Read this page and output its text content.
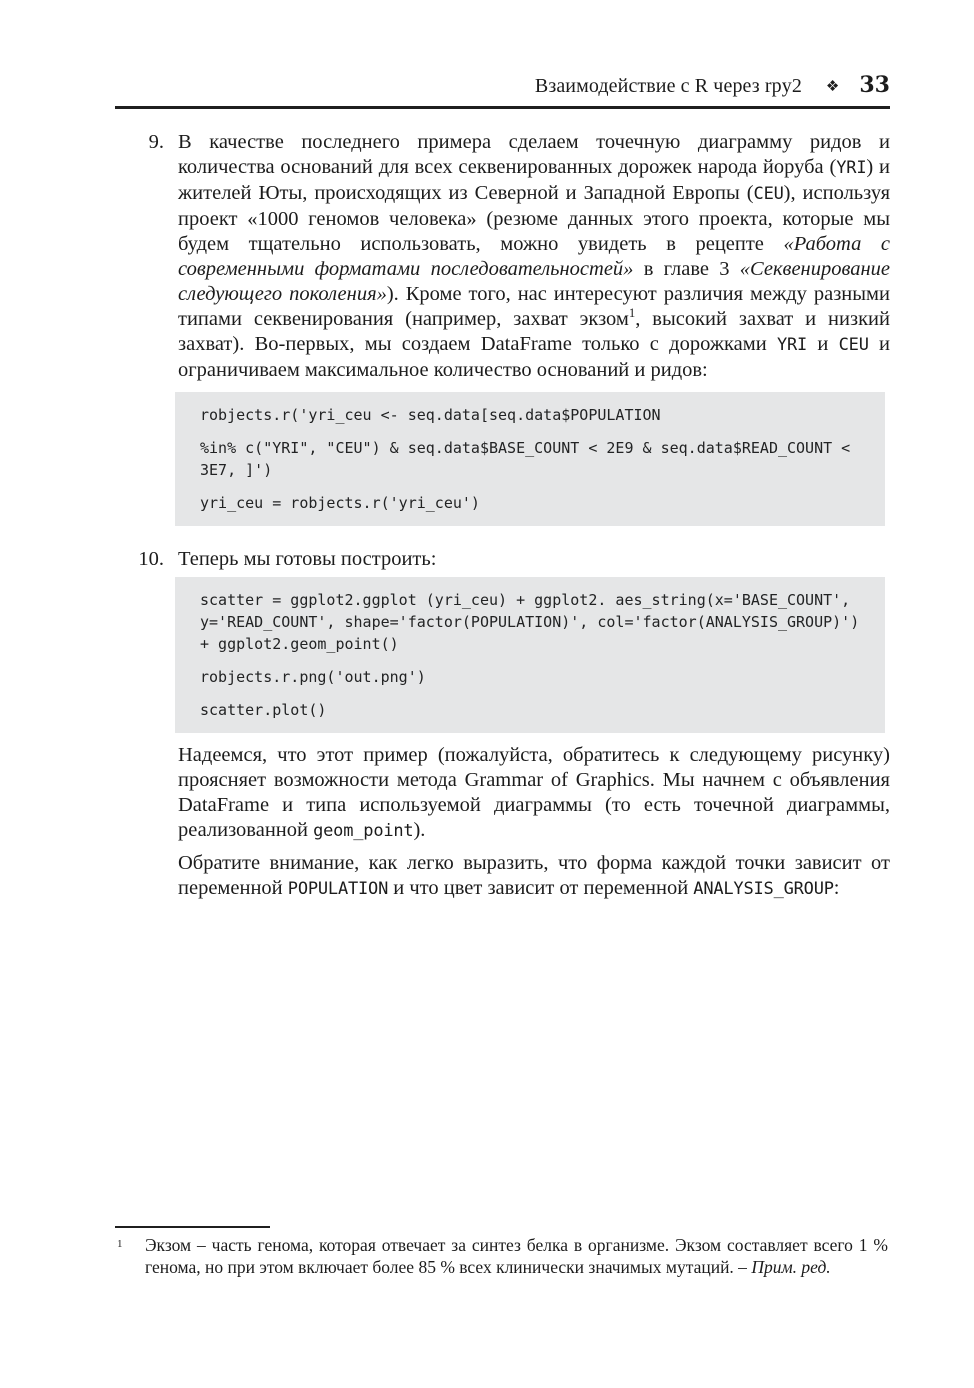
Взаимодействие с R через rpy2 ❖ 33
9. В качестве последнего примера сделаем точечную диаграмму ридов и количества оснований для всех секвенированных дорожек народа йоруба (YRI) и жителей Юты, происходящих из Северной и Западной Европы (CEU), используя проект «1000 геномов человека» (резюме данных этого проекта, которые мы будем тщательно использовать, можно увидеть в рецепте «Работа с современными форматами последовательностей» в главе 3 «Секвенирование следующего поколения»). Кроме того, нас интересуют различия между разными типами секвенирования (например, захват экзом$^1$, высокий захват и низкий захват). Во-первых, мы создаем DataFrame только с дорожками YRI и CEU и ограничиваем максимальное количество оснований и ридов:
robjects.r('yri_ceu <- seq.data[seq.data$POPULATION
%in% c("YRI", "CEU") & seq.data$BASE_COUNT < 2E9 & seq.data$READ_COUNT <
3E7, ]')
yri_ceu = robjects.r('yri_ceu')
10. Теперь мы готовы построить:
scatter = ggplot2.ggplot (yri_ceu) + ggplot2. aes_string(x='BASE_COUNT',
y='READ_COUNT', shape='factor(POPULATION)', col='factor(ANALYSIS_GROUP)')
+ ggplot2.geom_point()
robjects.r.png('out.png')
scatter.plot()
Надеемся, что этот пример (пожалуйста, обратитесь к следующему рисунку) проясняет возможности метода Grammar of Graphics. Мы начнем с объявления DataFrame и типа используемой диаграммы (то есть точечной диаграммы, реализованной geom_point).
Обратите внимание, как легко выразить, что форма каждой точки зависит от переменной POPULATION и что цвет зависит от переменной ANALYSIS_GROUP:
1	Экзом – часть генома, которая отвечает за синтез белка в организме. Экзом составляет всего 1 % генома, но при этом включает более 85 % всех клинически значимых мутаций. – Прим. ред.
